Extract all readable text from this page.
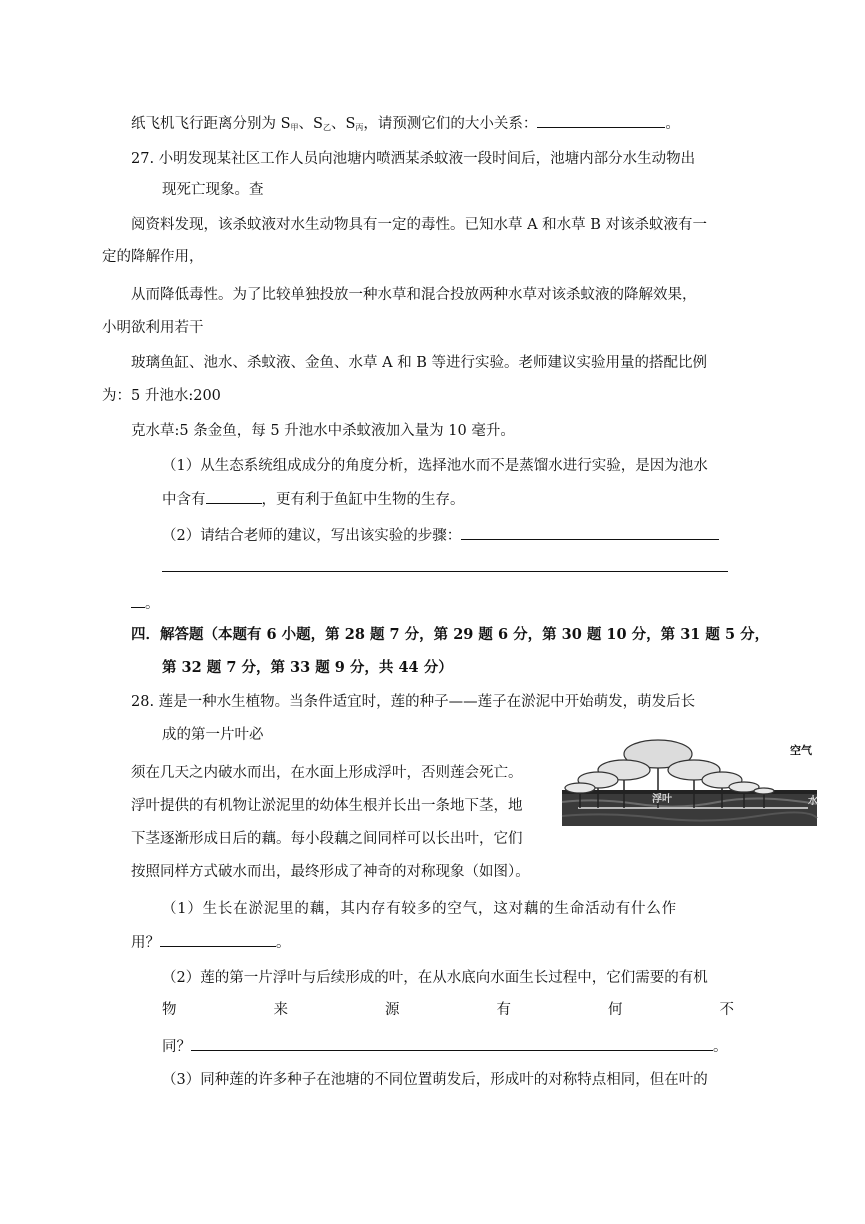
纸飞机飞行距离分别为 $S_甲$、$S_乙$、$S_丙$，请预测它们的大小关系：	。
27. 小明发现某社区工作人员向池塘内喷洒某杀蚊液一段时间后，池塘内部分水生动物出
现死亡现象。查
阅资料发现，该杀蚊液对水生动物具有一定的毒性。已知水草 A 和水草 B 对该杀蚊液有一
定的降解作用，
从而降低毒性。为了比较单独投放一种水草和混合投放两种水草对该杀蚊液的降解效果，
小明欲利用若干
玻璃鱼缸、池水、杀蚊液、金鱼、水草 A 和 B 等进行实验。老师建议实验用量的搭配比例
为：5 升池水:200
克水草:5 条金鱼，每 5 升池水中杀蚊液加入量为 10 毫升。
（1）从生态系统组成成分的角度分析，选择池水而不是蒸馏水进行实验，是因为池水
中含有	，更有利于鱼缸中生物的生存。
（2）请结合老师的建议，写出该实验的步骤：
。
四．解答题（本题有 6 小题，第 28 题 7 分，第 29 题 6 分，第 30 题 10 分，第 31 题 5 分，
第 32 题 7 分，第 33 题 9 分，共 44 分）
28. 莲是一种水生植物。当条件适宜时，莲的种子——莲子在淤泥中开始萌发，萌发后长
成的第一片叶必
须在几天之内破水而出，在水面上形成浮叶，否则莲会死亡。
浮叶提供的有机物让淤泥里的幼体生根并长出一条地下茎，地
下茎逐渐形成日后的藕。每小段藕之间同样可以长出叶，它们
按照同样方式破水而出，最终形成了神奇的对称现象（如图）。
空气
浮叶	水
（1）生长在淤泥里的藕，其内存有较多的空气，这对藕的生命活动有什么作
用？	。
（2）莲的第一片浮叶与后续形成的叶，在从水底向水面生长过程中，它们需要的有机
物	来	源	有	何	不
同？	。
（3）同种莲的许多种子在池塘的不同位置萌发后，形成叶的对称特点相同，但在叶的
